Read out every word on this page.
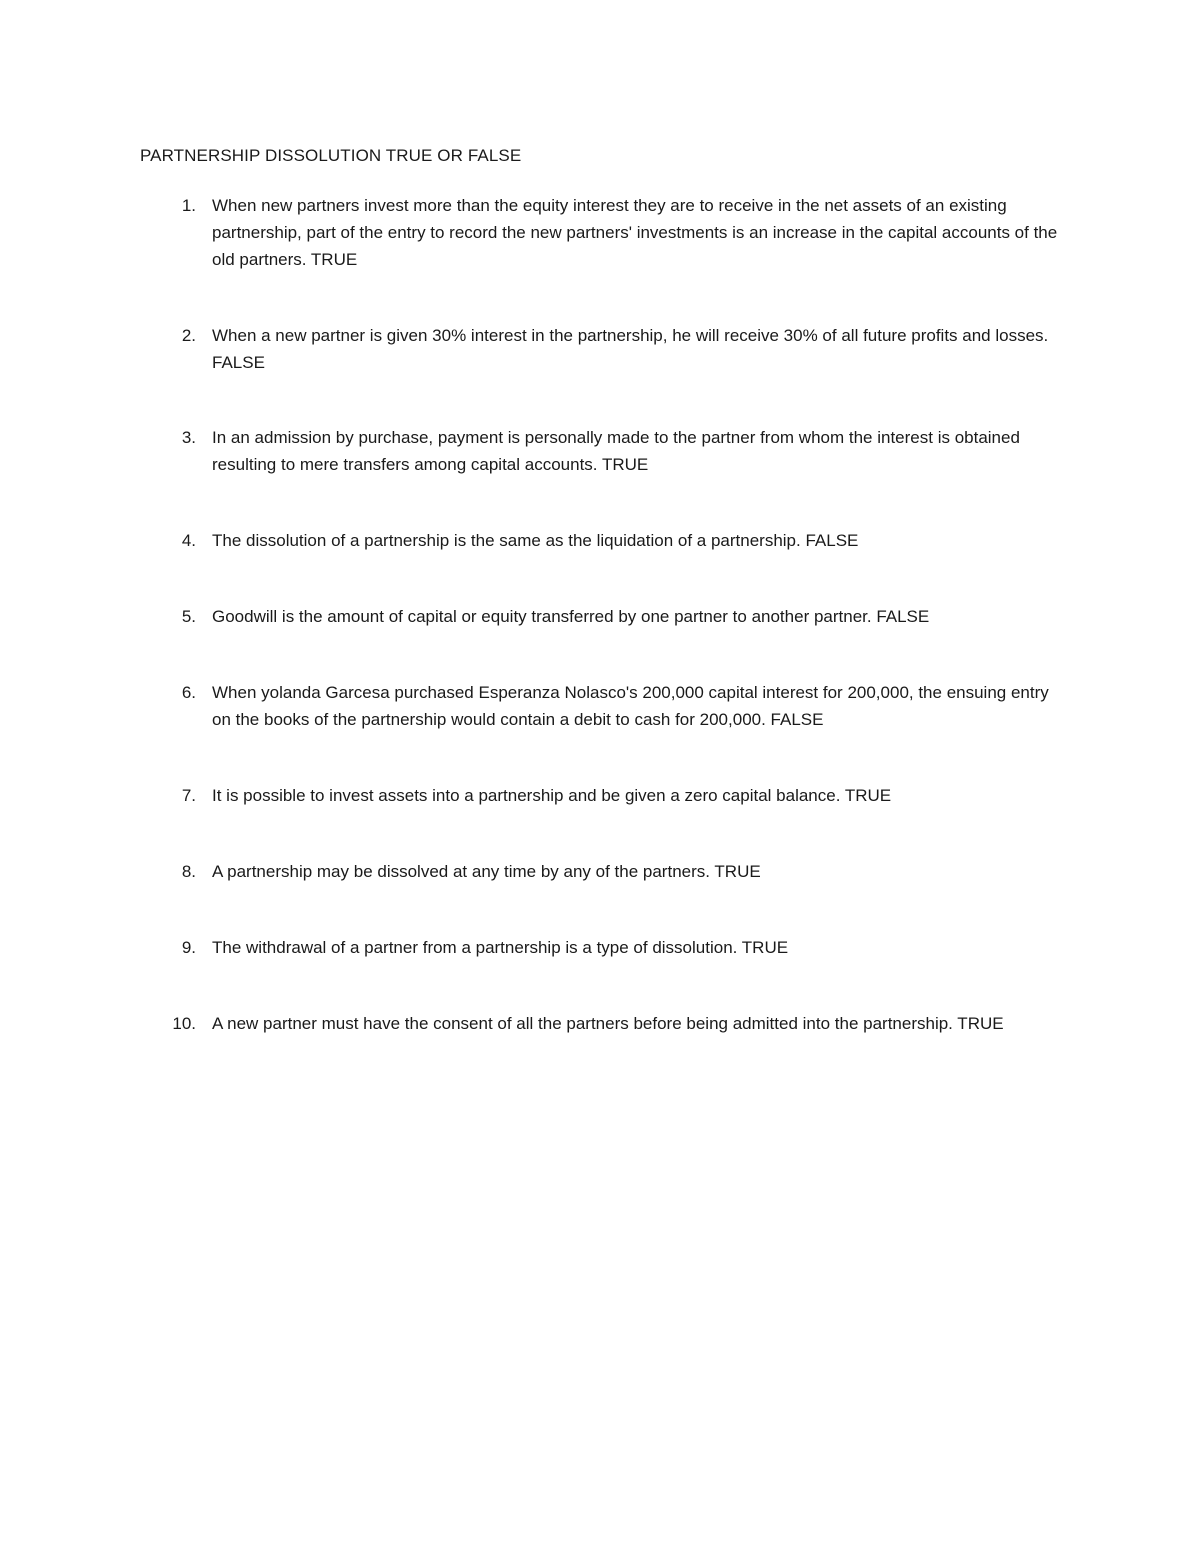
PARTNERSHIP DISSOLUTION TRUE OR FALSE
1. When new partners invest more than the equity interest they are to receive in the net assets of an existing partnership, part of the entry to record the new partners' investments is an increase in the capital accounts of the old partners. TRUE

2. When a new partner is given 30% interest in the partnership, he will receive 30% of all future profits and losses. FALSE

3. In an admission by purchase, payment is personally made to the partner from whom the interest is obtained resulting to mere transfers among capital accounts. TRUE

4. The dissolution of a partnership is the same as the liquidation of a partnership. FALSE

5. Goodwill is the amount of capital or equity transferred by one partner to another partner. FALSE

6. When yolanda Garcesa purchased Esperanza Nolasco's 200,000 capital interest for 200,000, the ensuing entry on the books of the partnership would contain a debit to cash for 200,000. FALSE

7. It is possible to invest assets into a partnership and be given a zero capital balance. TRUE

8. A partnership may be dissolved at any time by any of the partners. TRUE

9. The withdrawal of a partner from a partnership is a type of dissolution. TRUE

10. A new partner must have the consent of all the partners before being admitted into the partnership. TRUE
